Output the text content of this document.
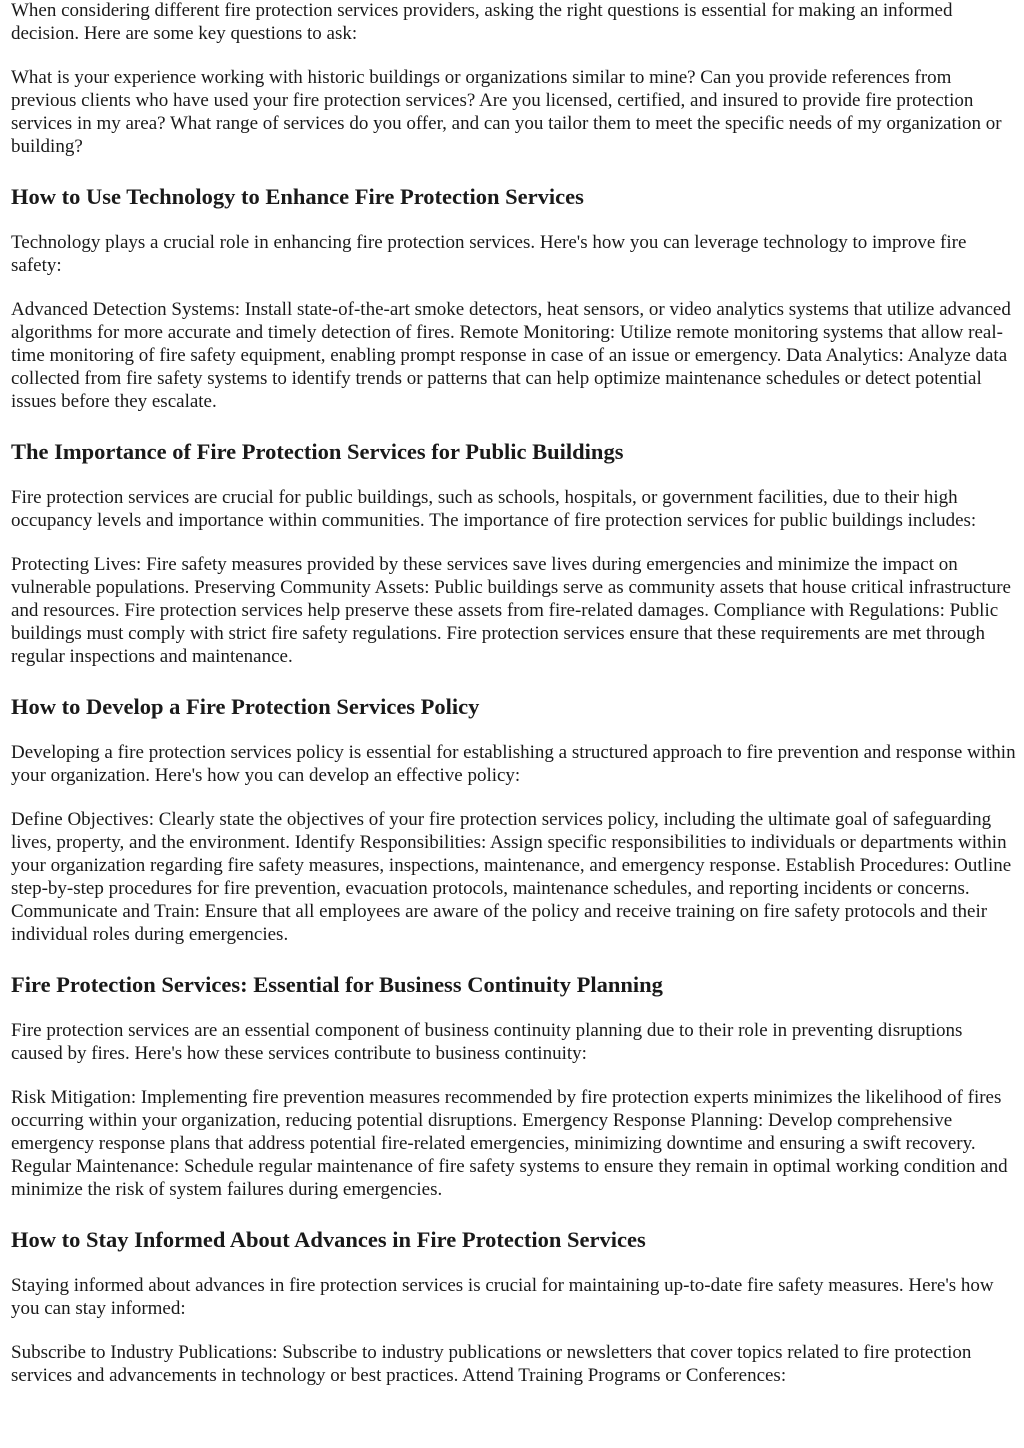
When considering different fire protection services providers, asking the right questions is essential for making an informed decision. Here are some key questions to ask:

What is your experience working with historic buildings or organizations similar to mine? Can you provide references from previous clients who have used your fire protection services? Are you licensed, certified, and insured to provide fire protection services in my area? What range of services do you offer, and can you tailor them to meet the specific needs of my organization or building?

How to Use Technology to Enhance Fire Protection Services

Technology plays a crucial role in enhancing fire protection services. Here's how you can leverage technology to improve fire safety:

Advanced Detection Systems: Install state-of-the-art smoke detectors, heat sensors, or video analytics systems that utilize advanced algorithms for more accurate and timely detection of fires. Remote Monitoring: Utilize remote monitoring systems that allow real-time monitoring of fire safety equipment, enabling prompt response in case of an issue or emergency. Data Analytics: Analyze data collected from fire safety systems to identify trends or patterns that can help optimize maintenance schedules or detect potential issues before they escalate.

The Importance of Fire Protection Services for Public Buildings

Fire protection services are crucial for public buildings, such as schools, hospitals, or government facilities, due to their high occupancy levels and importance within communities. The importance of fire protection services for public buildings includes:

Protecting Lives: Fire safety measures provided by these services save lives during emergencies and minimize the impact on vulnerable populations. Preserving Community Assets: Public buildings serve as community assets that house critical infrastructure and resources. Fire protection services help preserve these assets from fire-related damages. Compliance with Regulations: Public buildings must comply with strict fire safety regulations. Fire protection services ensure that these requirements are met through regular inspections and maintenance.

How to Develop a Fire Protection Services Policy

Developing a fire protection services policy is essential for establishing a structured approach to fire prevention and response within your organization. Here's how you can develop an effective policy:

Define Objectives: Clearly state the objectives of your fire protection services policy, including the ultimate goal of safeguarding lives, property, and the environment. Identify Responsibilities: Assign specific responsibilities to individuals or departments within your organization regarding fire safety measures, inspections, maintenance, and emergency response. Establish Procedures: Outline step-by-step procedures for fire prevention, evacuation protocols, maintenance schedules, and reporting incidents or concerns. Communicate and Train: Ensure that all employees are aware of the policy and receive training on fire safety protocols and their individual roles during emergencies.

Fire Protection Services: Essential for Business Continuity Planning

Fire protection services are an essential component of business continuity planning due to their role in preventing disruptions caused by fires. Here's how these services contribute to business continuity:

Risk Mitigation: Implementing fire prevention measures recommended by fire protection experts minimizes the likelihood of fires occurring within your organization, reducing potential disruptions. Emergency Response Planning: Develop comprehensive emergency response plans that address potential fire-related emergencies, minimizing downtime and ensuring a swift recovery. Regular Maintenance: Schedule regular maintenance of fire safety systems to ensure they remain in optimal working condition and minimize the risk of system failures during emergencies.

How to Stay Informed About Advances in Fire Protection Services

Staying informed about advances in fire protection services is crucial for maintaining up-to-date fire safety measures. Here's how you can stay informed:

Subscribe to Industry Publications: Subscribe to industry publications or newsletters that cover topics related to fire protection services and advancements in technology or best practices. Attend Training Programs or Conferences:
